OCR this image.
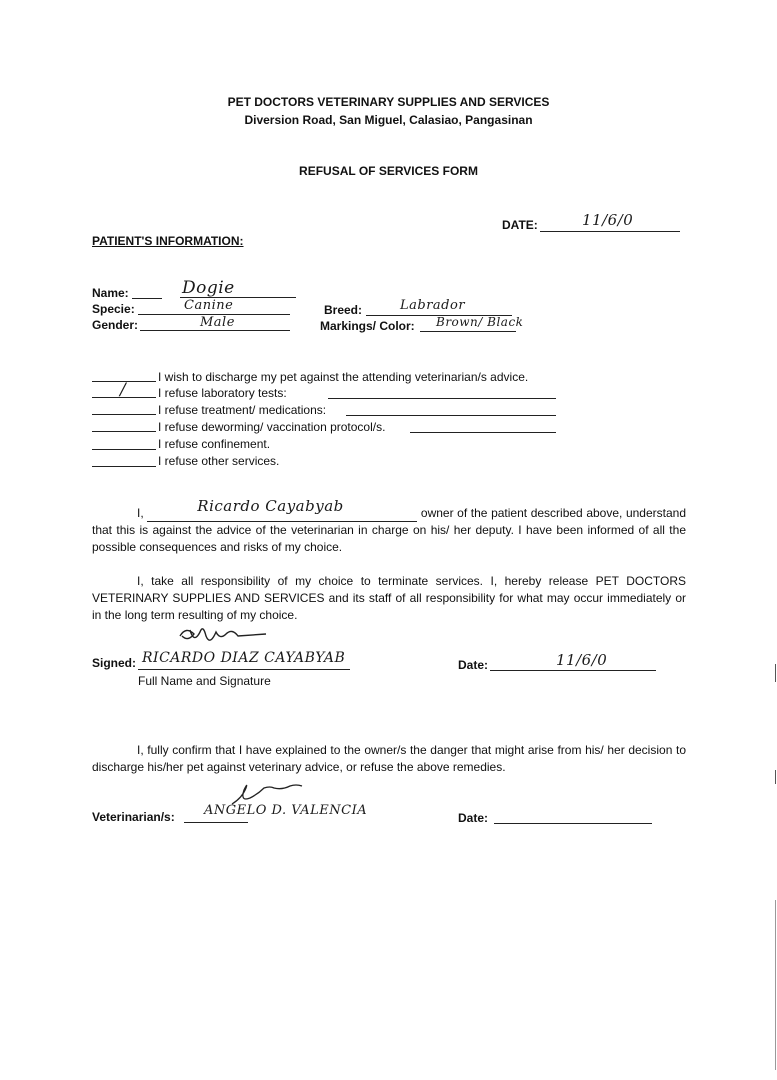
PET DOCTORS VETERINARY SUPPLIES AND SERVICES
Diversion Road, San Miguel, Calasiao, Pangasinan
REFUSAL OF SERVICES FORM
DATE:	11/6/0
PATIENT'S INFORMATION:
Name:	Dogie
Specie:	Canine
Gender:	Male
Breed:	Labrador
Markings/ Color: Brown/ Black
I wish to discharge my pet against the attending veterinarian/s advice.
/	I refuse laboratory tests:
I refuse treatment/ medications:
I refuse deworming/ vaccination protocol/s.
I refuse confinement.
I refuse other services.
I,	Ricardo Cayabyab	owner of the patient described above, understand that this is against the advice of the veterinarian in charge on his/ her deputy. I have been informed of all the possible consequences and risks of my choice.
I, take all responsibility of my choice to terminate services. I, hereby release PET DOCTORS VETERINARY SUPPLIES AND SERVICES and its staff of all responsibility for what may occur immediately or in the long term resulting of my choice.
Signed: RICARDO DIAZ CAYABYAB
Full Name and Signature
Date:	11/6/0
I, fully confirm that I have explained to the owner/s the danger that might arise from his/ her decision to discharge his/her pet against veterinary advice, or refuse the above remedies.
Veterinarian/s: ANGELO D. VALENCIA	Date:
